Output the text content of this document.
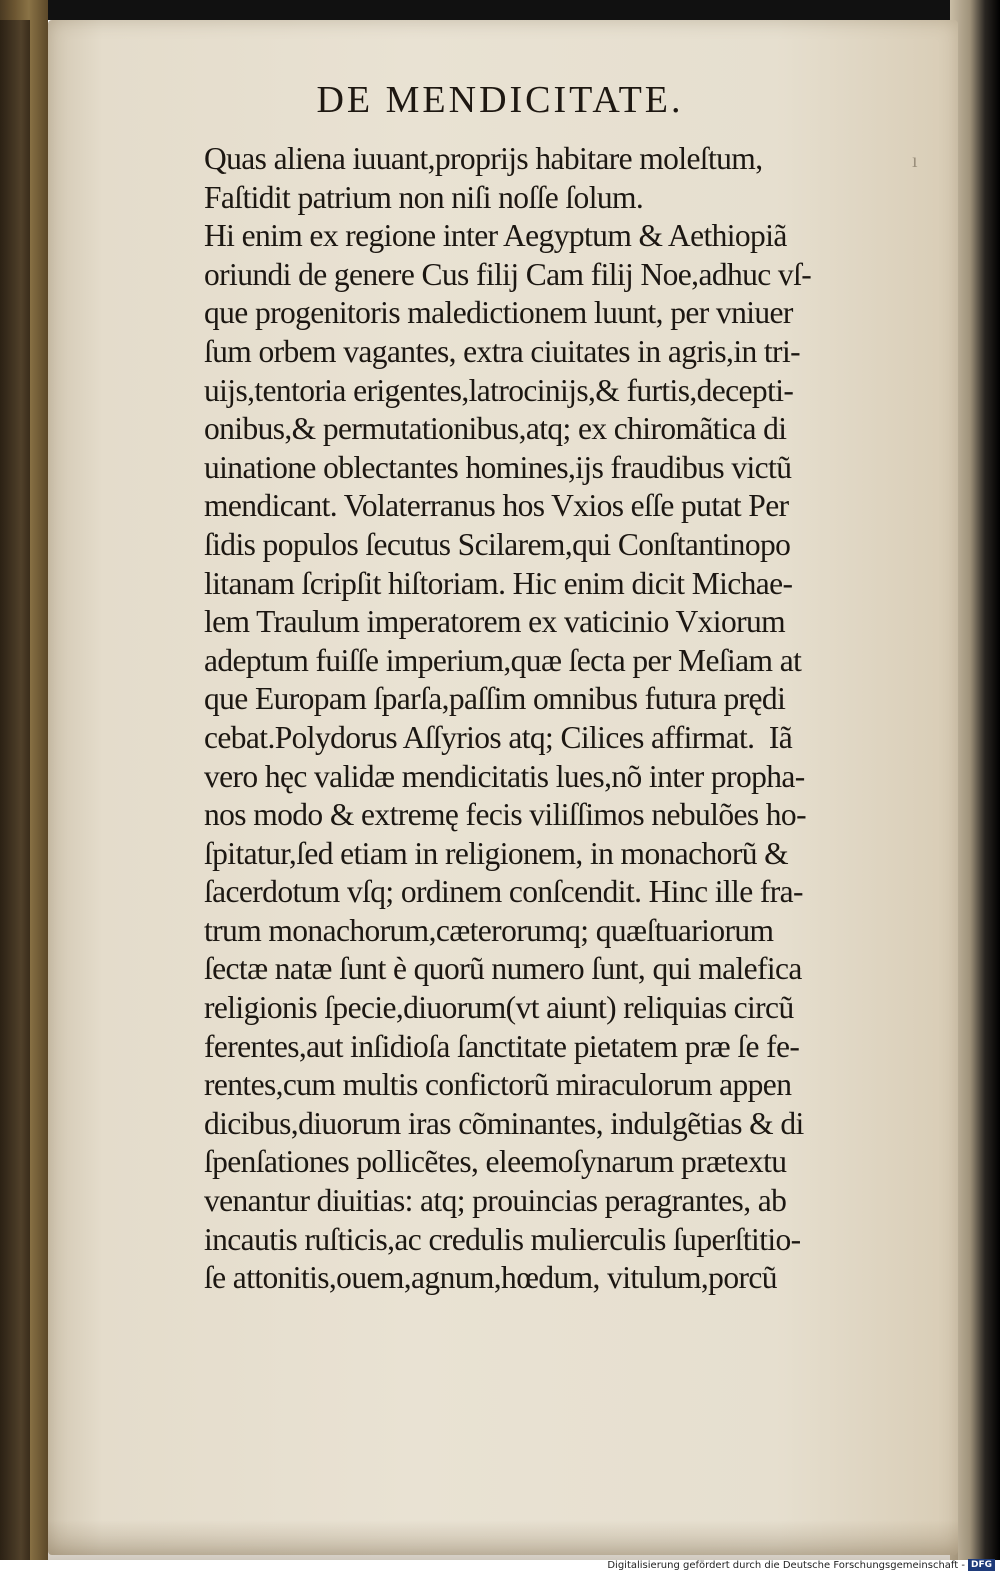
DE MENDICITATE.
Quas aliena iuuant,proprijs habitare moleſtum,
Faſtidit patrium non niſi noſſe ſolum.
Hi enim ex regione inter Aegyptum & Aethiopiã
oriundi de genere Cus filij Cam filij Noe,adhuc vſ-
que progenitoris maledictionem luunt, per vniuer
ſum orbem vagantes, extra ciuitates in agris,in tri-
uijs,tentoria erigentes,latrocinijs,& furtis,decepti-
onibus,& permutationibus,atq; ex chiromãtica di
uinatione oblectantes homines,ijs fraudibus victũ
mendicant. Volaterranus hos Vxios eſſe putat Per
ſidis populos ſecutus Scilarem,qui Conſtantinopo
litanam ſcripſit hiſtoriam. Hic enim dicit Michae-
lem Traulum imperatorem ex vaticinio Vxiorum
adeptum fuiſſe imperium,quæ ſecta per Meſiam at
que Europam ſparſa,paſſim omnibus futura prędi
cebat.Polydorus Aſſyrios atq; Cilices affirmat.  Iã
vero hęc validæ mendicitatis lues,nõ inter propha-
nos modo & extremę fecis viliſſimos nebulões ho-
ſpitatur,ſed etiam in religionem, in monachorũ &
ſacerdotum vſq; ordinem conſcendit. Hinc ille fra-
trum monachorum,cæterorumq; quæſtuariorum
ſectæ natæ ſunt è quorũ numero ſunt, qui malefica
religionis ſpecie,diuorum(vt aiunt) reliquias circũ
ferentes,aut inſidioſa ſanctitate pietatem præ ſe fe-
rentes,cum multis confictorũ miraculorum appen
dicibus,diuorum iras cõminantes, indulgẽtias & di
ſpenſationes pollicẽtes, eleemoſynarum prætextu
venantur diuitias: atq; prouincias peragrantes, ab
incautis ruſticis,ac credulis mulierculis ſuperſtitio-
ſe attonitis,ouem,agnum,hœdum, vitulum,porcũ
ı
Digitalisierung gefördert durch die Deutsche Forschungsgemeinschaft - DFG
